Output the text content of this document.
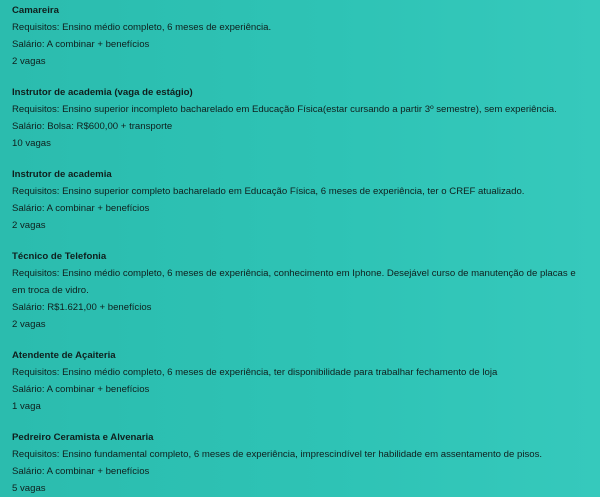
Camareira

Requisitos: Ensino médio completo, 6 meses de experiência.

Salário: A combinar + benefícios

2 vagas

Instrutor de academia (vaga de estágio)

Requisitos: Ensino superior incompleto bacharelado em Educação Física(estar cursando a partir 3º semestre), sem experiência.

Salário: Bolsa: R$600,00 + transporte

10 vagas

Instrutor de academia

Requisitos: Ensino superior completo bacharelado em Educação Física, 6 meses de experiência, ter o CREF atualizado.

Salário: A combinar + benefícios

2 vagas

Técnico de Telefonia

Requisitos: Ensino médio completo, 6 meses de experiência, conhecimento em Iphone. Desejável curso de manutenção de placas e em troca de vidro.

Salário: R$1.621,00 + benefícios

2 vagas

Atendente de Açaiteria

Requisitos: Ensino médio completo, 6 meses de experiência, ter disponibilidade para trabalhar fechamento de loja

Salário: A combinar + benefícios

1 vaga

Pedreiro Ceramista e Alvenaria

Requisitos: Ensino fundamental completo, 6 meses de experiência, imprescindível ter habilidade em assentamento de pisos.

Salário: A combinar + benefícios

5 vagas
